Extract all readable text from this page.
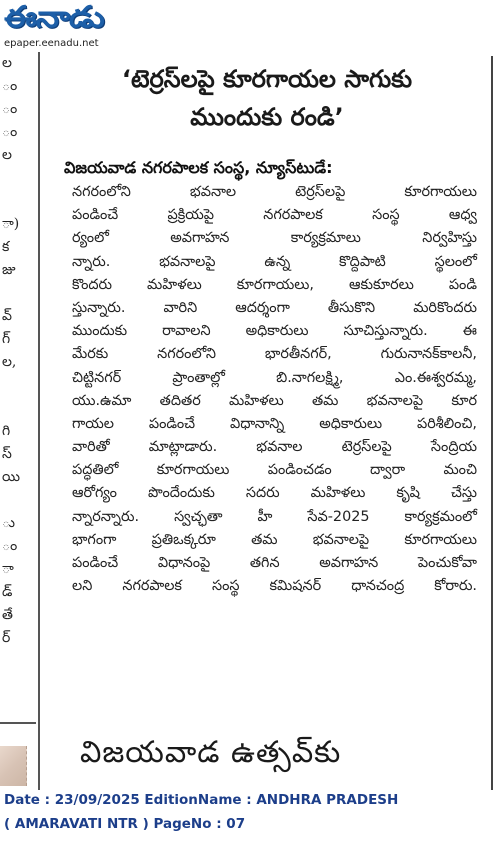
ఈనాడు
epaper.eenadu.net
ల
ం
ం
ం
ల
ా)
క
జు
వ్
గ్
ల,
గి
స్
యి
ు
ం
ా
డ్
తే
ర్
‘టెర్రస్‌లపై కూరగాయల సాగుకు
ముందుకు రండి’
విజయవాడ నగరపాలక సంస్థ, న్యూస్‌టుడే:
నగరంలోని భవనాల టెర్రస్‌లపై కూరగాయలు
పండించే ప్రక్రియపై నగరపాలక సంస్థ ఆధ్వ
ర్యంలో అవగాహన కార్యక్రమాలు నిర్వహిస్తు
న్నారు. భవనాలపై ఉన్న కొద్దిపాటి స్థలంలో
కొందరు మహిళలు కూరగాయలు, ఆకుకూరలు పండి
స్తున్నారు. వారిని ఆదర్శంగా తీసుకొని మరికొందరు
ముందుకు రావాలని అధికారులు సూచిస్తున్నారు. ఈ
మేరకు నగరంలోని భారతీనగర్, గురునానక్‌కాలనీ,
చిట్టినగర్ ప్రాంతాల్లో బి.నాగలక్ష్మి, ఎం.ఈశ్వరమ్మ,
యు.ఉమా తదితర మహిళలు తమ భవనాలపై కూర
గాయల పండించే విధానాన్ని అధికారులు పరిశీలించి,
వారితో మాట్లాడారు. భవనాల టెర్రస్‌లపై సేంద్రియ
పద్ధతిలో కూరగాయలు పండించడం ద్వారా మంచి
ఆరోగ్యం పొందేందుకు సదరు మహిళలు కృషి చేస్తు
న్నారన్నారు. స్వచ్ఛతా హీ సేవ-2025 కార్యక్రమంలో
భాగంగా ప్రతిఒక్కరూ తమ భవనాలపై కూరగాయలు
పండించే విధానంపై తగిన అవగాహన పెంచుకోవా
లని నగరపాలక సంస్థ కమిషనర్ ధానచంద్ర కోరారు.
విజయవాడ ఉత్సవ్‌కు
Date : 23/09/2025 EditionName : ANDHRA PRADESH
( AMARAVATI NTR ) PageNo : 07
